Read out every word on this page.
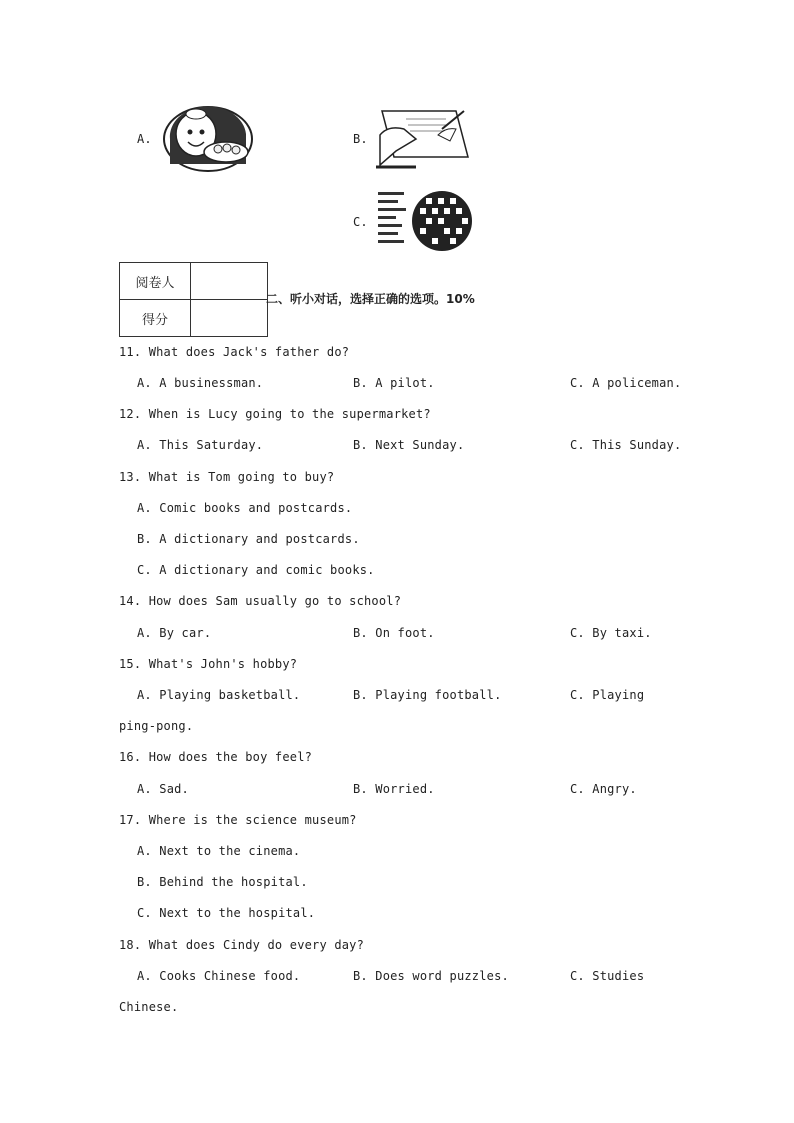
A.	B.
C.
阅卷人	
得分	
二、听小对话，选择正确的选项。10%
11. What does Jack's father do?
A. A businessman.	B. A pilot.	C. A policeman.
12. When is Lucy going to the supermarket?
A. This Saturday.	B. Next Sunday.	C. This Sunday.
13. What is Tom going to buy?
A. Comic books and postcards.
B. A dictionary and postcards.
C. A dictionary and comic books.
14. How does Sam usually go to school?
A. By car.	B. On foot.	C. By taxi.
15. What's John's hobby?
A. Playing basketball.	B. Playing football.	C. Playing
ping-pong.
16. How does the boy feel?
A. Sad.	B. Worried.	C. Angry.
17. Where is the science museum?
A. Next to the cinema.
B. Behind the hospital.
C. Next to the hospital.
18. What does Cindy do every day?
A. Cooks Chinese food.	B. Does word puzzles.	C. Studies
Chinese.
